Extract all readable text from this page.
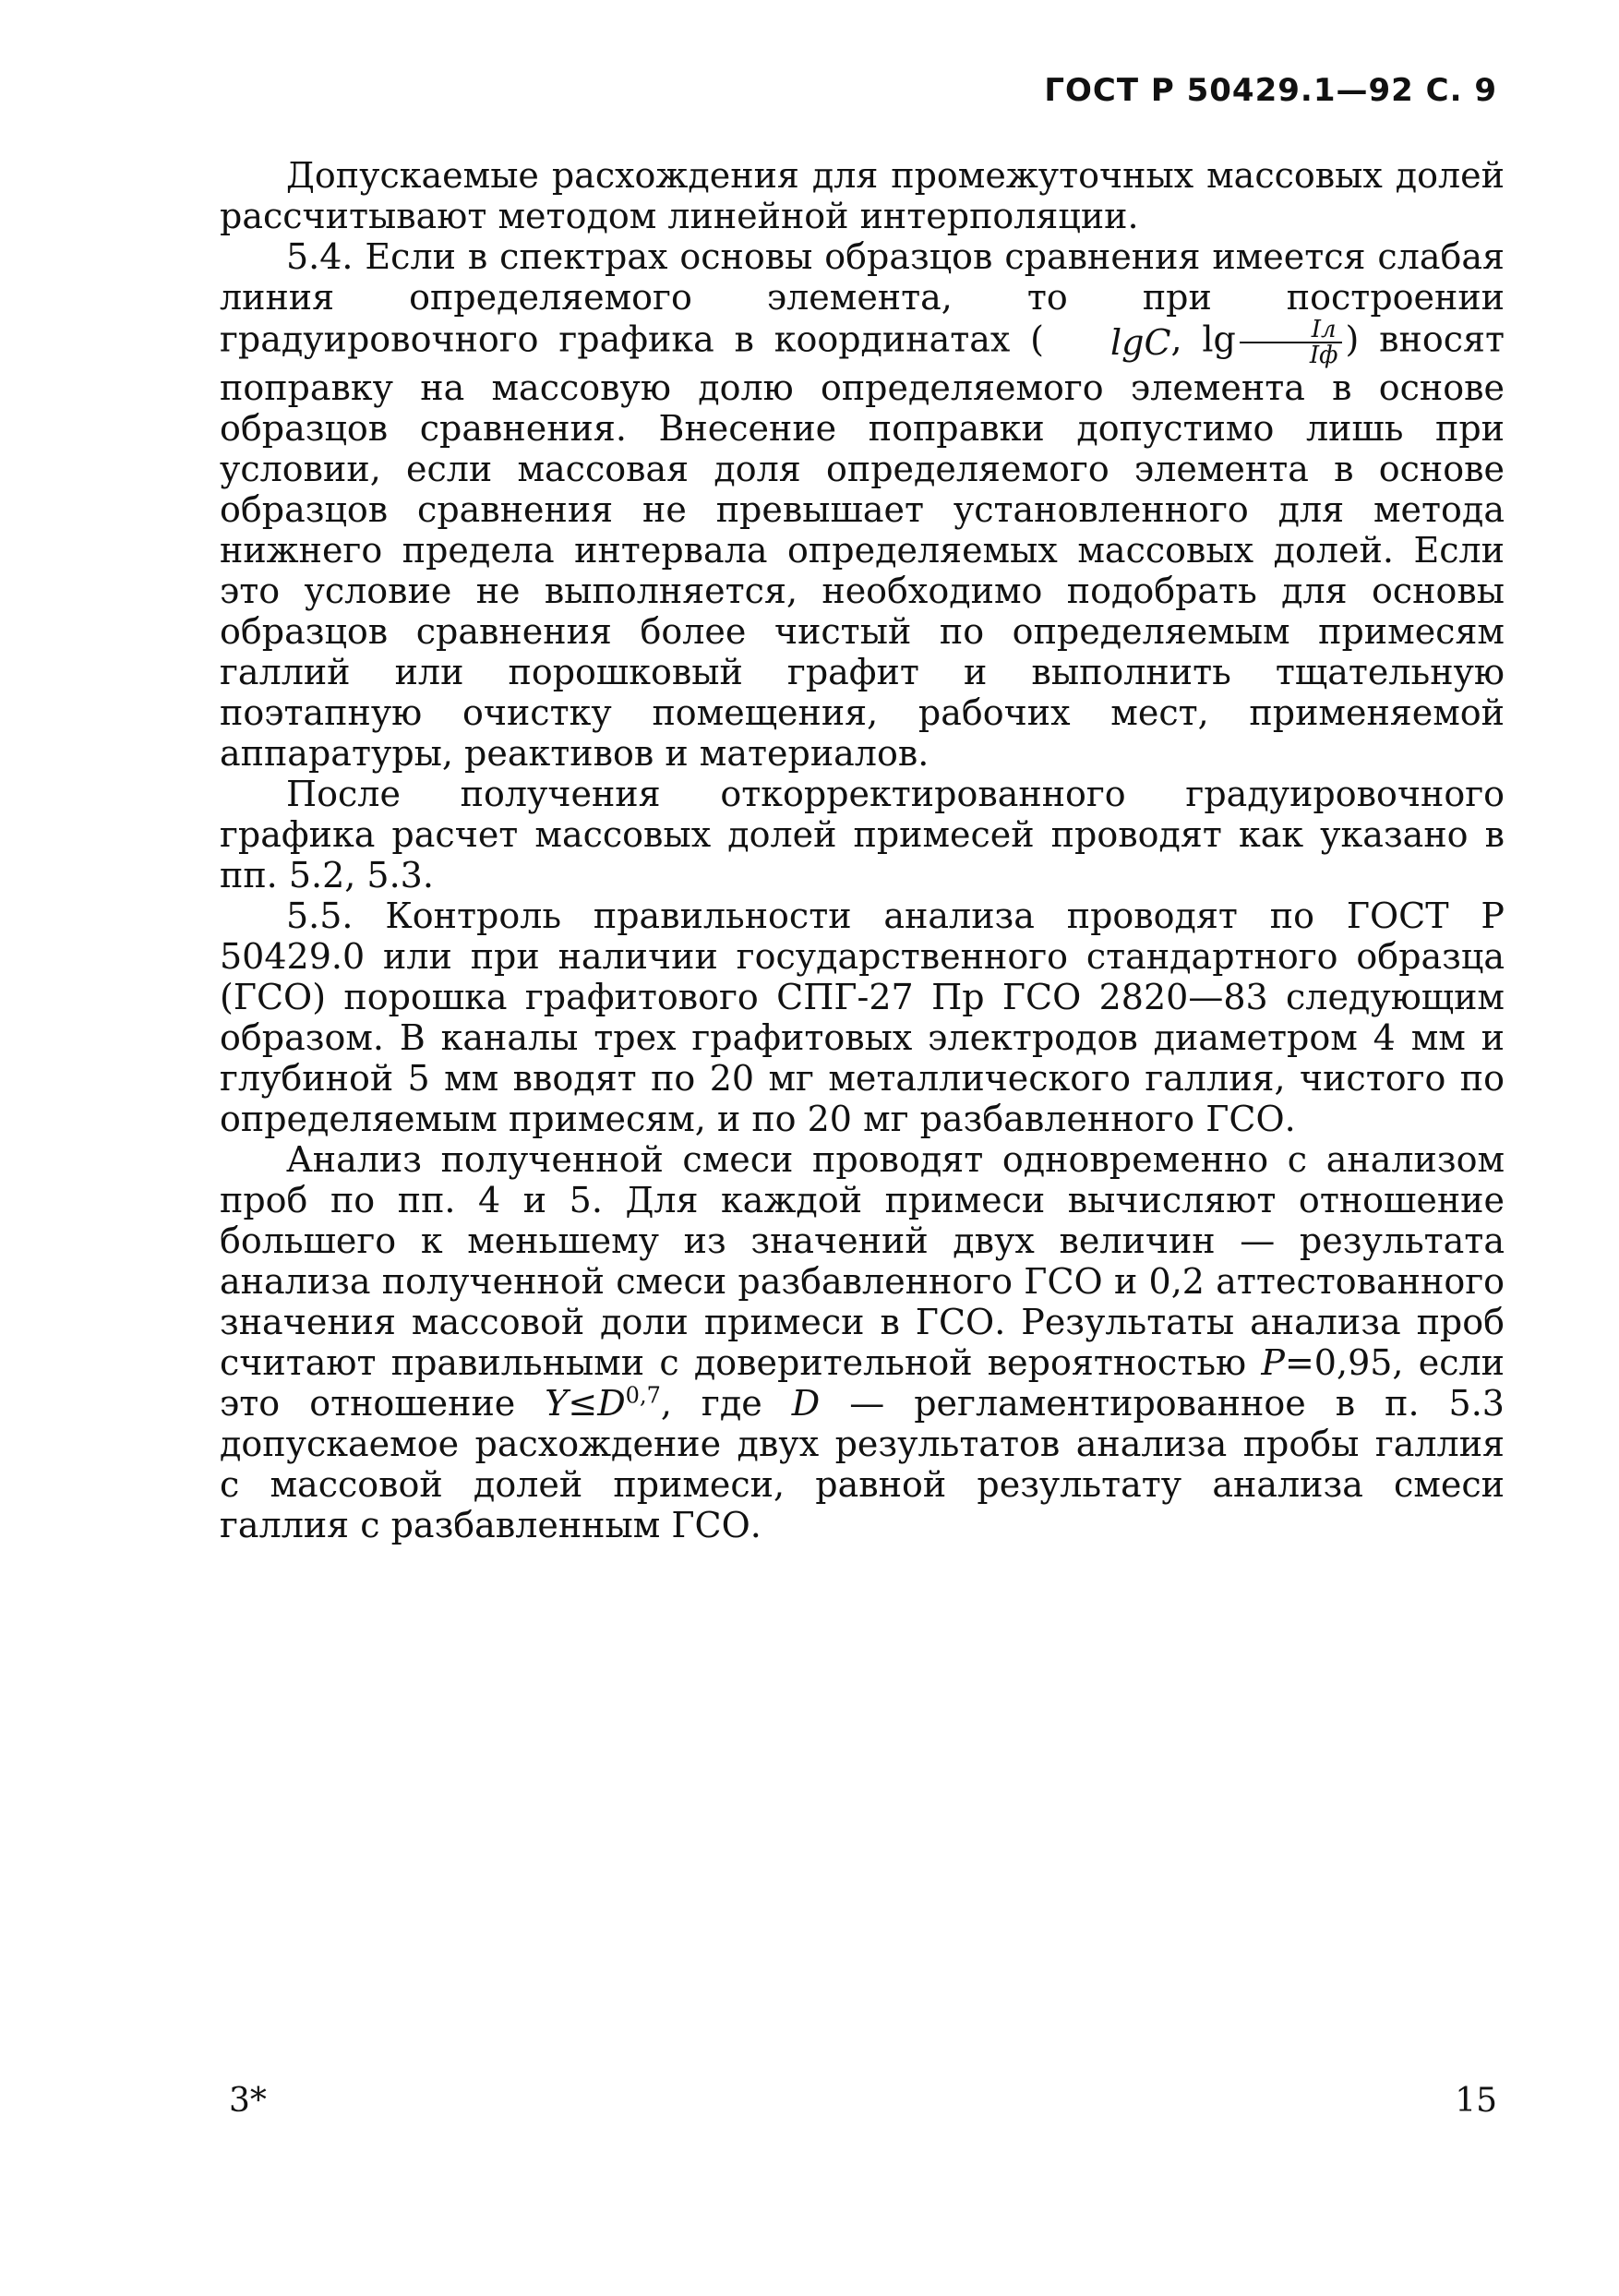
ГОСТ Р 50429.1—92 С. 9

Допускаемые расхождения для промежуточных массовых долей рассчитывают методом линейной интерполяции.

5.4. Если в спектрах основы образцов сравнения имеется слабая линия определяемого элемента, то при построении градуировочного графика в координатах ( lgC, $\lg \frac{Iл}{Iф}$ ) вносят поправку на массовую долю определяемого элемента в основе образцов сравнения. Внесение поправки допустимо лишь при условии, если массовая доля определяемого элемента в основе образцов сравнения не превышает установленного для метода нижнего предела интервала определяемых массовых долей. Если это условие не выполняется, необходимо подобрать для основы образцов сравнения более чистый по определяемым примесям галлий или порошковый графит и выполнить тщательную поэтапную очистку помещения, рабочих мест, применяемой аппаратуры, реактивов и материалов.

После получения откорректированного градуировочного графика расчет массовых долей примесей проводят как указано в пп. 5.2, 5.3.

5.5. Контроль правильности анализа проводят по ГОСТ Р 50429.0 или при наличии государственного стандартного образца (ГСО) порошка графитового СПГ-27 Пр ГСО 2820—83 следующим образом. В каналы трех графитовых электродов диаметром 4 мм и глубиной 5 мм вводят по 20 мг металлического галлия, чистого по определяемым примесям, и по 20 мг разбавленного ГСО.

Анализ полученной смеси проводят одновременно с анализом проб по пп. 4 и 5. Для каждой примеси вычисляют отношение большего к меньшему из значений двух величин — результата анализа полученной смеси разбавленного ГСО и 0,2 аттестованного значения массовой доли примеси в ГСО. Результаты анализа проб считают правильными с доверительной вероятностью P=0,95, если это отношение $Y\le D^{0,7}$, где D — регламентированное в п. 5.3 допускаемое расхождение двух результатов анализа пробы галлия с массовой долей примеси, равной результату анализа смеси галлия с разбавленным ГСО.

3*	15
